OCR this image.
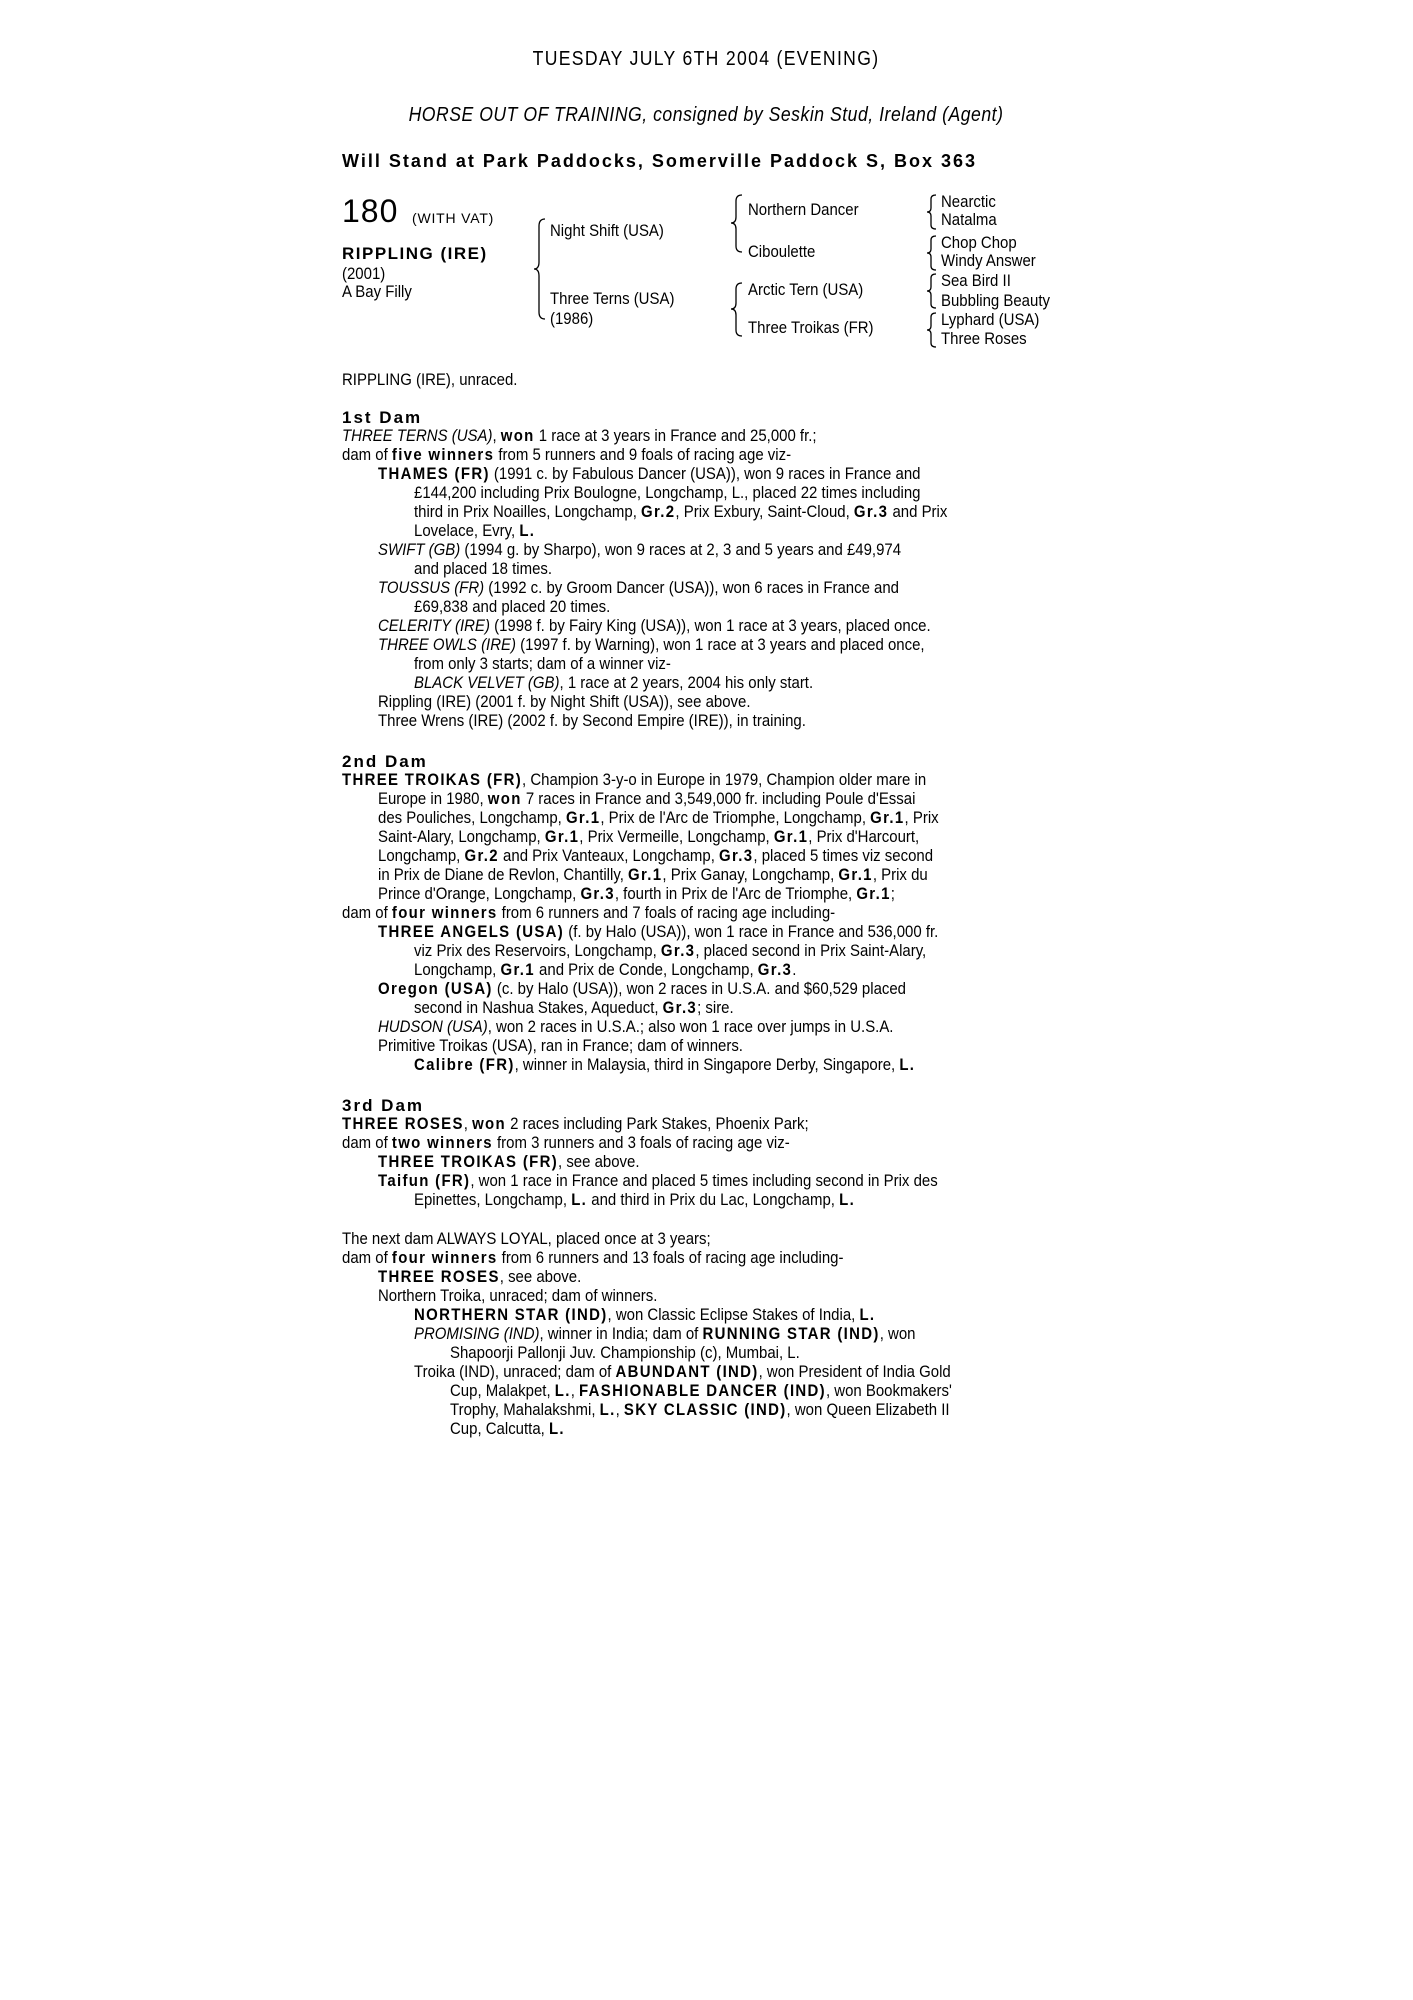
TUESDAY JULY 6TH 2004 (EVENING)
HORSE OUT OF TRAINING, consigned by Seskin Stud, Ireland (Agent)
Will Stand at Park Paddocks, Somerville Paddock S, Box 363
180 (WITH VAT)
RIPPLING (IRE)
(2001)
A Bay Filly
Night Shift (USA)
Three Terns (USA)
(1986)
Northern Dancer
Ciboulette
Arctic Tern (USA)
Three Troikas (FR)
Nearctic
Natalma
Chop Chop
Windy Answer
Sea Bird II
Bubbling Beauty
Lyphard (USA)
Three Roses
RIPPLING (IRE), unraced.
1st Dam
THREE TERNS (USA), won 1 race at 3 years in France and 25,000 fr.;
dam of five winners from 5 runners and 9 foals of racing age viz-
THAMES (FR) (1991 c. by Fabulous Dancer (USA)), won 9 races in France and
£144,200 including Prix Boulogne, Longchamp, L., placed 22 times including
third in Prix Noailles, Longchamp, Gr.2, Prix Exbury, Saint-Cloud, Gr.3 and Prix
Lovelace, Evry, L.
SWIFT (GB) (1994 g. by Sharpo), won 9 races at 2, 3 and 5 years and £49,974
and placed 18 times.
TOUSSUS (FR) (1992 c. by Groom Dancer (USA)), won 6 races in France and
£69,838 and placed 20 times.
CELERITY (IRE) (1998 f. by Fairy King (USA)), won 1 race at 3 years, placed once.
THREE OWLS (IRE) (1997 f. by Warning), won 1 race at 3 years and placed once,
from only 3 starts; dam of a winner viz-
BLACK VELVET (GB), 1 race at 2 years, 2004 his only start.
Rippling (IRE) (2001 f. by Night Shift (USA)), see above.
Three Wrens (IRE) (2002 f. by Second Empire (IRE)), in training.
2nd Dam
THREE TROIKAS (FR), Champion 3-y-o in Europe in 1979, Champion older mare in
Europe in 1980, won 7 races in France and 3,549,000 fr. including Poule d'Essai
des Pouliches, Longchamp, Gr.1, Prix de l'Arc de Triomphe, Longchamp, Gr.1, Prix
Saint-Alary, Longchamp, Gr.1, Prix Vermeille, Longchamp, Gr.1, Prix d'Harcourt,
Longchamp, Gr.2 and Prix Vanteaux, Longchamp, Gr.3, placed 5 times viz second
in Prix de Diane de Revlon, Chantilly, Gr.1, Prix Ganay, Longchamp, Gr.1, Prix du
Prince d'Orange, Longchamp, Gr.3, fourth in Prix de l'Arc de Triomphe, Gr.1;
dam of four winners from 6 runners and 7 foals of racing age including-
THREE ANGELS (USA) (f. by Halo (USA)), won 1 race in France and 536,000 fr.
viz Prix des Reservoirs, Longchamp, Gr.3, placed second in Prix Saint-Alary,
Longchamp, Gr.1 and Prix de Conde, Longchamp, Gr.3.
Oregon (USA) (c. by Halo (USA)), won 2 races in U.S.A. and $60,529 placed
second in Nashua Stakes, Aqueduct, Gr.3; sire.
HUDSON (USA), won 2 races in U.S.A.; also won 1 race over jumps in U.S.A.
Primitive Troikas (USA), ran in France; dam of winners.
Calibre (FR), winner in Malaysia, third in Singapore Derby, Singapore, L.
3rd Dam
THREE ROSES, won 2 races including Park Stakes, Phoenix Park;
dam of two winners from 3 runners and 3 foals of racing age viz-
THREE TROIKAS (FR), see above.
Taifun (FR), won 1 race in France and placed 5 times including second in Prix des
Epinettes, Longchamp, L. and third in Prix du Lac, Longchamp, L.
The next dam ALWAYS LOYAL, placed once at 3 years;
dam of four winners from 6 runners and 13 foals of racing age including-
THREE ROSES, see above.
Northern Troika, unraced; dam of winners.
NORTHERN STAR (IND), won Classic Eclipse Stakes of India, L.
PROMISING (IND), winner in India; dam of RUNNING STAR (IND), won
Shapoorji Pallonji Juv. Championship (c), Mumbai, L.
Troika (IND), unraced; dam of ABUNDANT (IND), won President of India Gold
Cup, Malakpet, L., FASHIONABLE DANCER (IND), won Bookmakers'
Trophy, Mahalakshmi, L., SKY CLASSIC (IND), won Queen Elizabeth II
Cup, Calcutta, L.
